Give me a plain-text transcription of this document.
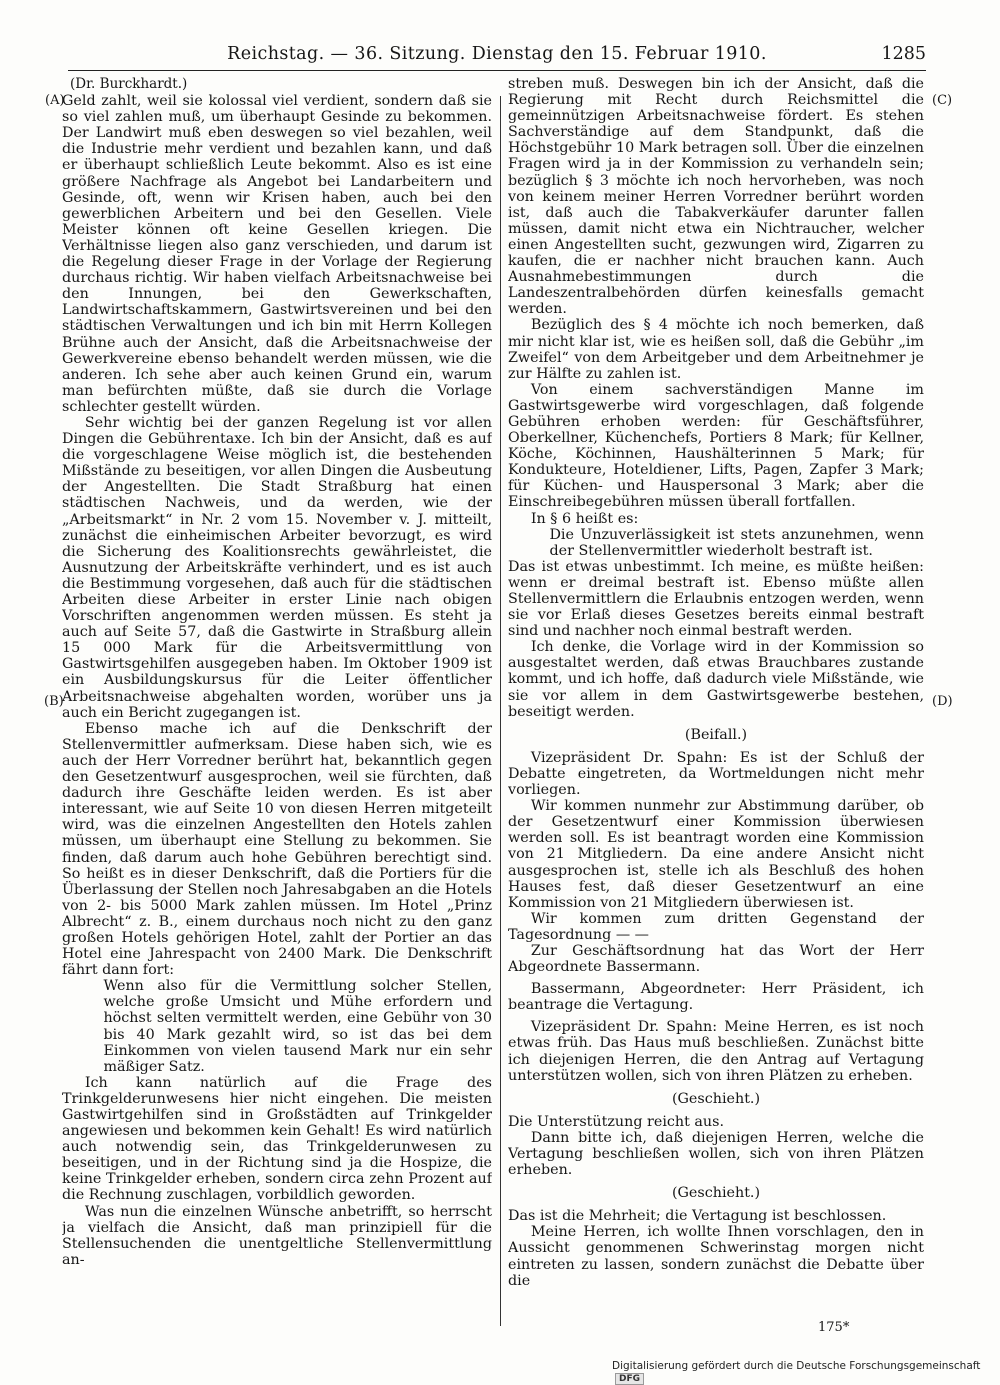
Reichstag. — 36. Sitzung. Dienstag den 15. Februar 1910.	1285
(A)
(B)
(C)
(D)

(Dr. Burckhardt.)

Geld zahlt, weil sie kolossal viel verdient, sondern daß sie so viel zahlen muß, um überhaupt Gesinde zu bekommen. Der Landwirt muß eben deswegen so viel bezahlen, weil die Industrie mehr verdient und bezahlen kann, und daß er überhaupt schließlich Leute bekommt. Also es ist eine größere Nachfrage als Angebot bei Landarbeitern und Gesinde, oft, wenn wir Krisen haben, auch bei den gewerblichen Arbeitern und bei den Gesellen. Viele Meister können oft keine Gesellen kriegen. Die Verhältnisse liegen also ganz verschieden, und darum ist die Regelung dieser Frage in der Vorlage der Regierung durchaus richtig. Wir haben vielfach Arbeitsnachweise bei den Innungen, bei den Gewerkschaften, Landwirtschaftskammern, Gastwirtsvereinen und bei den städtischen Verwaltungen und ich bin mit Herrn Kollegen Brühne auch der Ansicht, daß die Arbeitsnachweise der Gewerkvereine ebenso behandelt werden müssen, wie die anderen. Ich sehe aber auch keinen Grund ein, warum man befürchten müßte, daß sie durch die Vorlage schlechter gestellt würden.

Sehr wichtig bei der ganzen Regelung ist vor allen Dingen die Gebührentaxe. Ich bin der Ansicht, daß es auf die vorgeschlagene Weise möglich ist, die bestehenden Mißstände zu beseitigen, vor allen Dingen die Ausbeutung der Angestellten. Die Stadt Straßburg hat einen städtischen Nachweis, und da werden, wie der „Arbeitsmarkt“ in Nr. 2 vom 15. November v. J. mitteilt, zunächst die einheimischen Arbeiter bevorzugt, es wird die Sicherung des Koalitionsrechts gewährleistet, die Ausnutzung der Arbeitskräfte verhindert, und es ist auch die Bestimmung vorgesehen, daß auch für die städtischen Arbeiten diese Arbeiter in erster Linie nach obigen Vorschriften angenommen werden müssen. Es steht ja auch auf Seite 57, daß die Gastwirte in Straßburg allein 15 000 Mark für die Arbeitsvermittlung von Gastwirtsgehilfen ausgegeben haben. Im Oktober 1909 ist ein Ausbildungskursus für die Leiter öffentlicher Arbeitsnachweise abgehalten worden, worüber uns ja auch ein Bericht zugegangen ist.

Ebenso mache ich auf die Denkschrift der Stellenvermittler aufmerksam. Diese haben sich, wie es auch der Herr Vorredner berührt hat, bekanntlich gegen den Gesetzentwurf ausgesprochen, weil sie fürchten, daß dadurch ihre Geschäfte leiden werden. Es ist aber interessant, wie auf Seite 10 von diesen Herren mitgeteilt wird, was die einzelnen Angestellten den Hotels zahlen müssen, um überhaupt eine Stellung zu bekommen. Sie finden, daß darum auch hohe Gebühren berechtigt sind. So heißt es in dieser Denkschrift, daß die Portiers für die Überlassung der Stellen noch Jahresabgaben an die Hotels von 2- bis 5000 Mark zahlen müssen. Im Hotel „Prinz Albrecht“ z. B., einem durchaus noch nicht zu den ganz großen Hotels gehörigen Hotel, zahlt der Portier an das Hotel eine Jahrespacht von 2400 Mark. Die Denkschrift fährt dann fort:

Wenn also für die Vermittlung solcher Stellen, welche große Umsicht und Mühe erfordern und höchst selten vermittelt werden, eine Gebühr von 30 bis 40 Mark gezahlt wird, so ist das bei dem Einkommen von vielen tausend Mark nur ein sehr mäßiger Satz.

Ich kann natürlich auf die Frage des Trinkgelderunwesens hier nicht eingehen. Die meisten Gastwirtgehilfen sind in Großstädten auf Trinkgelder angewiesen und bekommen kein Gehalt! Es wird natürlich auch notwendig sein, das Trinkgelderunwesen zu beseitigen, und in der Richtung sind ja die Hospize, die keine Trinkgelder erheben, sondern circa zehn Prozent auf die Rechnung zuschlagen, vorbildlich geworden.

Was nun die einzelnen Wünsche anbetrifft, so herrscht ja vielfach die Ansicht, daß man prinzipiell für die Stellensuchenden die unentgeltliche Stellenvermittlung an-

streben muß. Deswegen bin ich der Ansicht, daß die Regierung mit Recht durch Reichsmittel die gemeinnützigen Arbeitsnachweise fördert. Es stehen Sachverständige auf dem Standpunkt, daß die Höchstgebühr 10 Mark betragen soll. Über die einzelnen Fragen wird ja in der Kommission zu verhandeln sein; bezüglich § 3 möchte ich noch hervorheben, was noch von keinem meiner Herren Vorredner berührt worden ist, daß auch die Tabakverkäufer darunter fallen müssen, damit nicht etwa ein Nichtraucher, welcher einen Angestellten sucht, gezwungen wird, Zigarren zu kaufen, die er nachher nicht brauchen kann. Auch Ausnahmebestimmungen durch die Landeszentralbehörden dürfen keinesfalls gemacht werden.

Bezüglich des § 4 möchte ich noch bemerken, daß mir nicht klar ist, wie es heißen soll, daß die Gebühr „im Zweifel“ von dem Arbeitgeber und dem Arbeitnehmer je zur Hälfte zu zahlen ist.

Von einem sachverständigen Manne im Gastwirtsgewerbe wird vorgeschlagen, daß folgende Gebühren erhoben werden: für Geschäftsführer, Oberkellner, Küchenchefs, Portiers 8 Mark; für Kellner, Köche, Köchinnen, Haushälterinnen 5 Mark; für Kondukteure, Hoteldiener, Lifts, Pagen, Zapfer 3 Mark; für Küchen- und Hauspersonal 3 Mark; aber die Einschreibegebühren müssen überall fortfallen.

In § 6 heißt es:

Die Unzuverlässigkeit ist stets anzunehmen, wenn der Stellenvermittler wiederholt bestraft ist.

Das ist etwas unbestimmt. Ich meine, es müßte heißen: wenn er dreimal bestraft ist. Ebenso müßte allen Stellenvermittlern die Erlaubnis entzogen werden, wenn sie vor Erlaß dieses Gesetzes bereits einmal bestraft sind und nachher noch einmal bestraft werden.

Ich denke, die Vorlage wird in der Kommission so ausgestaltet werden, daß etwas Brauchbares zustande kommt, und ich hoffe, daß dadurch viele Mißstände, wie sie vor allem in dem Gastwirtsgewerbe bestehen, beseitigt werden.

(Beifall.)

Vizepräsident Dr. Spahn: Es ist der Schluß der Debatte eingetreten, da Wortmeldungen nicht mehr vorliegen.

Wir kommen nunmehr zur Abstimmung darüber, ob der Gesetzentwurf einer Kommission überwiesen werden soll. Es ist beantragt worden eine Kommission von 21 Mitgliedern. Da eine andere Ansicht nicht ausgesprochen ist, stelle ich als Beschluß des hohen Hauses fest, daß dieser Gesetzentwurf an eine Kommission von 21 Mitgliedern überwiesen ist.

Wir kommen zum dritten Gegenstand der Tagesordnung — —

Zur Geschäftsordnung hat das Wort der Herr Abgeordnete Bassermann.

Bassermann, Abgeordneter: Herr Präsident, ich beantrage die Vertagung.

Vizepräsident Dr. Spahn: Meine Herren, es ist noch etwas früh. Das Haus muß beschließen. Zunächst bitte ich diejenigen Herren, die den Antrag auf Vertagung unterstützen wollen, sich von ihren Plätzen zu erheben.

(Geschieht.)

Die Unterstützung reicht aus.

Dann bitte ich, daß diejenigen Herren, welche die Vertagung beschließen wollen, sich von ihren Plätzen erheben.

(Geschieht.)

Das ist die Mehrheit; die Vertagung ist beschlossen.

Meine Herren, ich wollte Ihnen vorschlagen, den in Aussicht genommenen Schwerinstag morgen nicht eintreten zu lassen, sondern zunächst die Debatte über die

175*
Digitalisierung gefördert durch die Deutsche Forschungsgemeinschaft DFG
